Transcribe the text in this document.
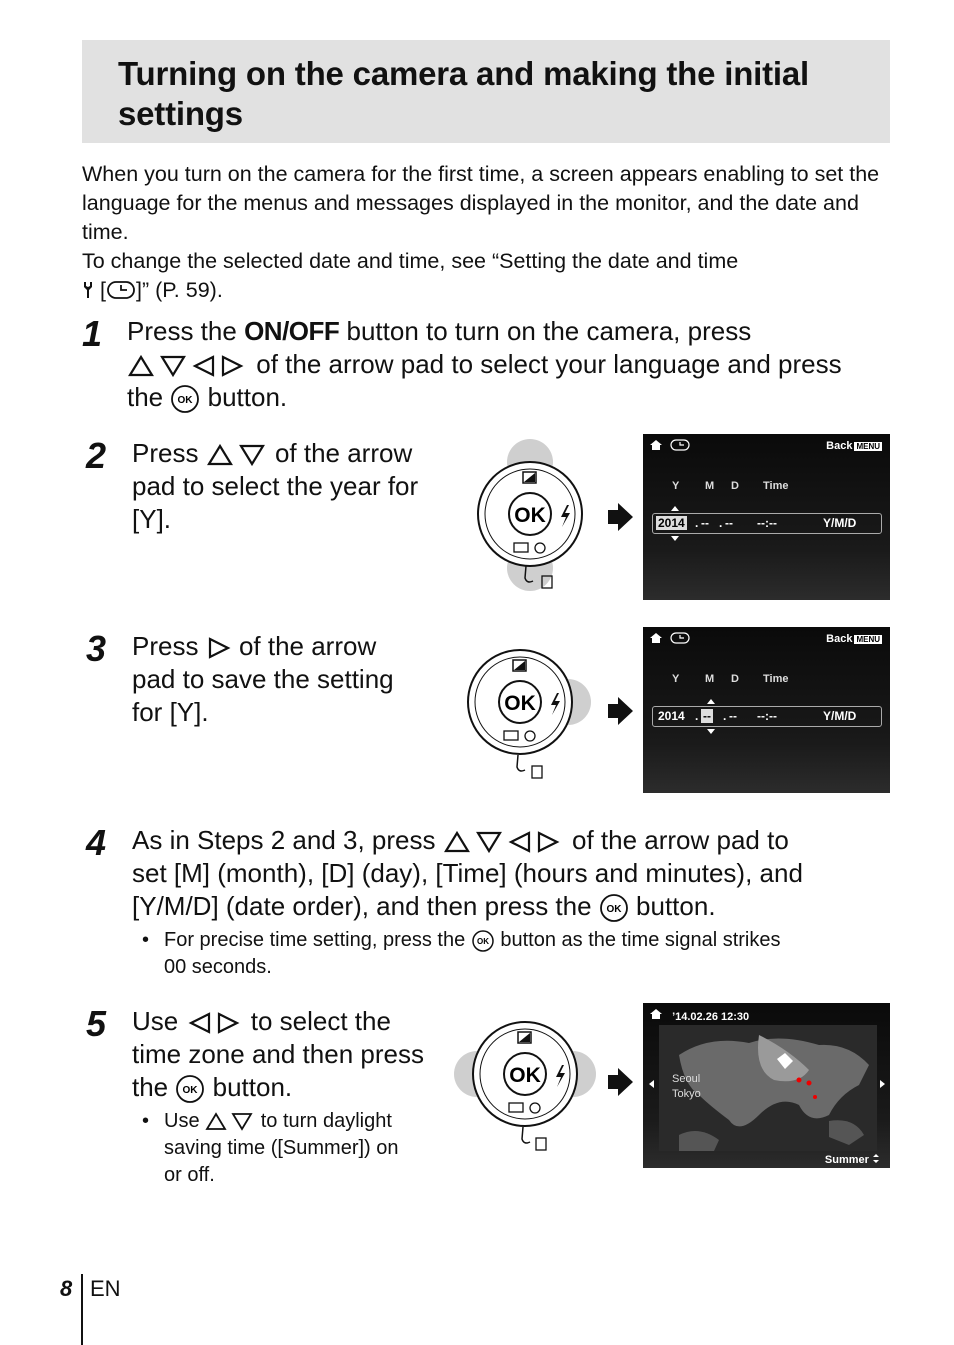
Turning on the camera and making the initial settings

When you turn on the camera for the first time, a screen appears enabling to set the language for the menus and messages displayed in the monitor, and the date and time.

To change the selected date and time, see “Setting the date and time
[ ]” (P. 59).

1 Press the ON/OFF button to turn on the camera, press
of the arrow pad to select your language and press
the OK button.
2 Press	of the arrow
pad to select the year for
[Y].	OK

Back MENU
Y M D Time
2014 . -- . -- --:--	Y/M/D
3 Press of the arrow
pad to save the setting
for [Y].	OK

Back MENU
Y M D Time
2014 . -- . -- --:--	Y/M/D
4 As in Steps 2 and 3, press	of the arrow pad to
set [M] (month), [D] (day), [Time] (hours and minutes), and
[Y/M/D] (date order), and then press the OK button.
• For precise time setting, press the OK button as the time signal strikes
00 seconds.
5 Use	to select the
time zone and then press
the OK button.
• Use	to turn daylight
saving time ([Summer]) on
or off.
OK
’14.02.26 12:30
Seoul
Tokyo
Summer
8 EN
